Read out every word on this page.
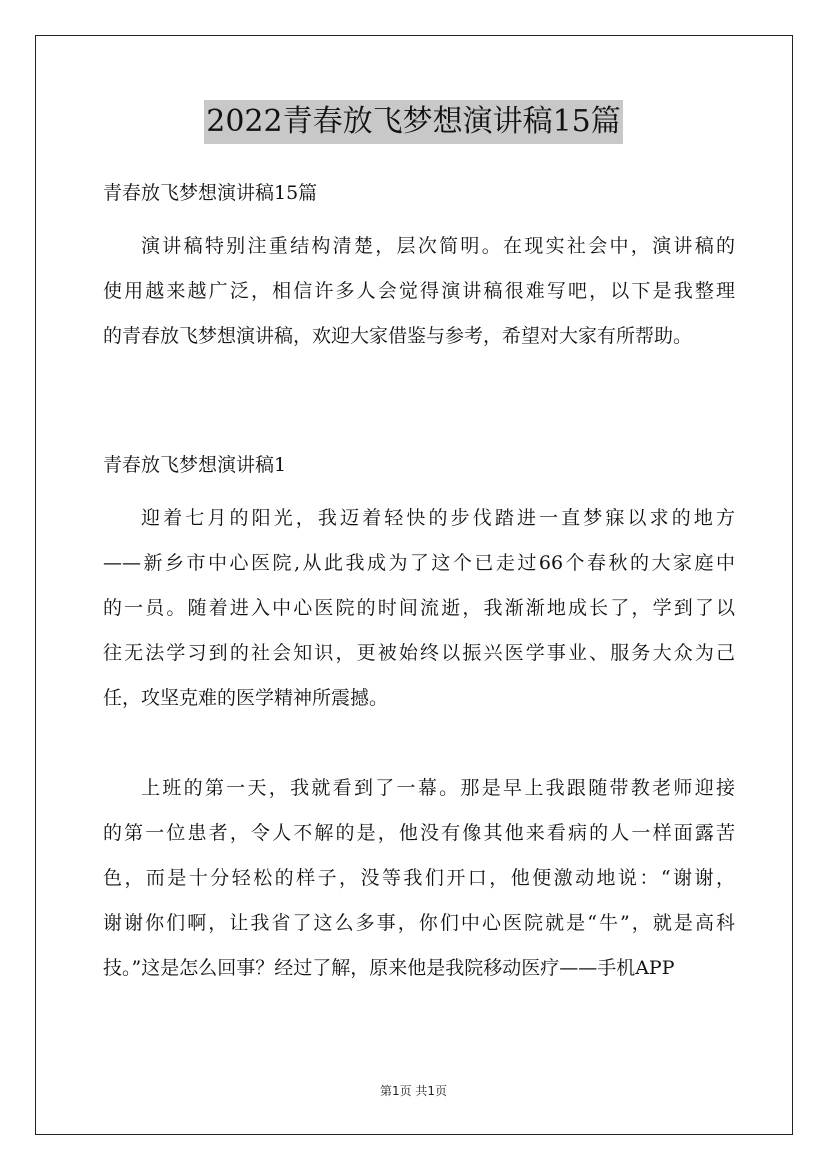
2022青春放飞梦想演讲稿15篇
青春放飞梦想演讲稿15篇

演讲稿特别注重结构清楚，层次简明。在现实社会中，演讲稿的
使用越来越广泛，相信许多人会觉得演讲稿很难写吧，以下是我整理
的青春放飞梦想演讲稿，欢迎大家借鉴与参考，希望对大家有所帮助。

青春放飞梦想演讲稿1

迎着七月的阳光，我迈着轻快的步伐踏进一直梦寐以求的地方
——新乡市中心医院,从此我成为了这个已走过66个春秋的大家庭中
的一员。随着进入中心医院的时间流逝，我渐渐地成长了，学到了以
往无法学习到的社会知识，更被始终以振兴医学事业、服务大众为己
任，攻坚克难的医学精神所震撼。

上班的第一天，我就看到了一幕。那是早上我跟随带教老师迎接
的第一位患者，令人不解的是，他没有像其他来看病的人一样面露苦
色，而是十分轻松的样子，没等我们开口，他便激动地说：“谢谢，
谢谢你们啊，让我省了这么多事，你们中心医院就是“牛”，就是高科
技。”这是怎么回事？经过了解，原来他是我院移动医疗——手机APP

第1页 共1页
